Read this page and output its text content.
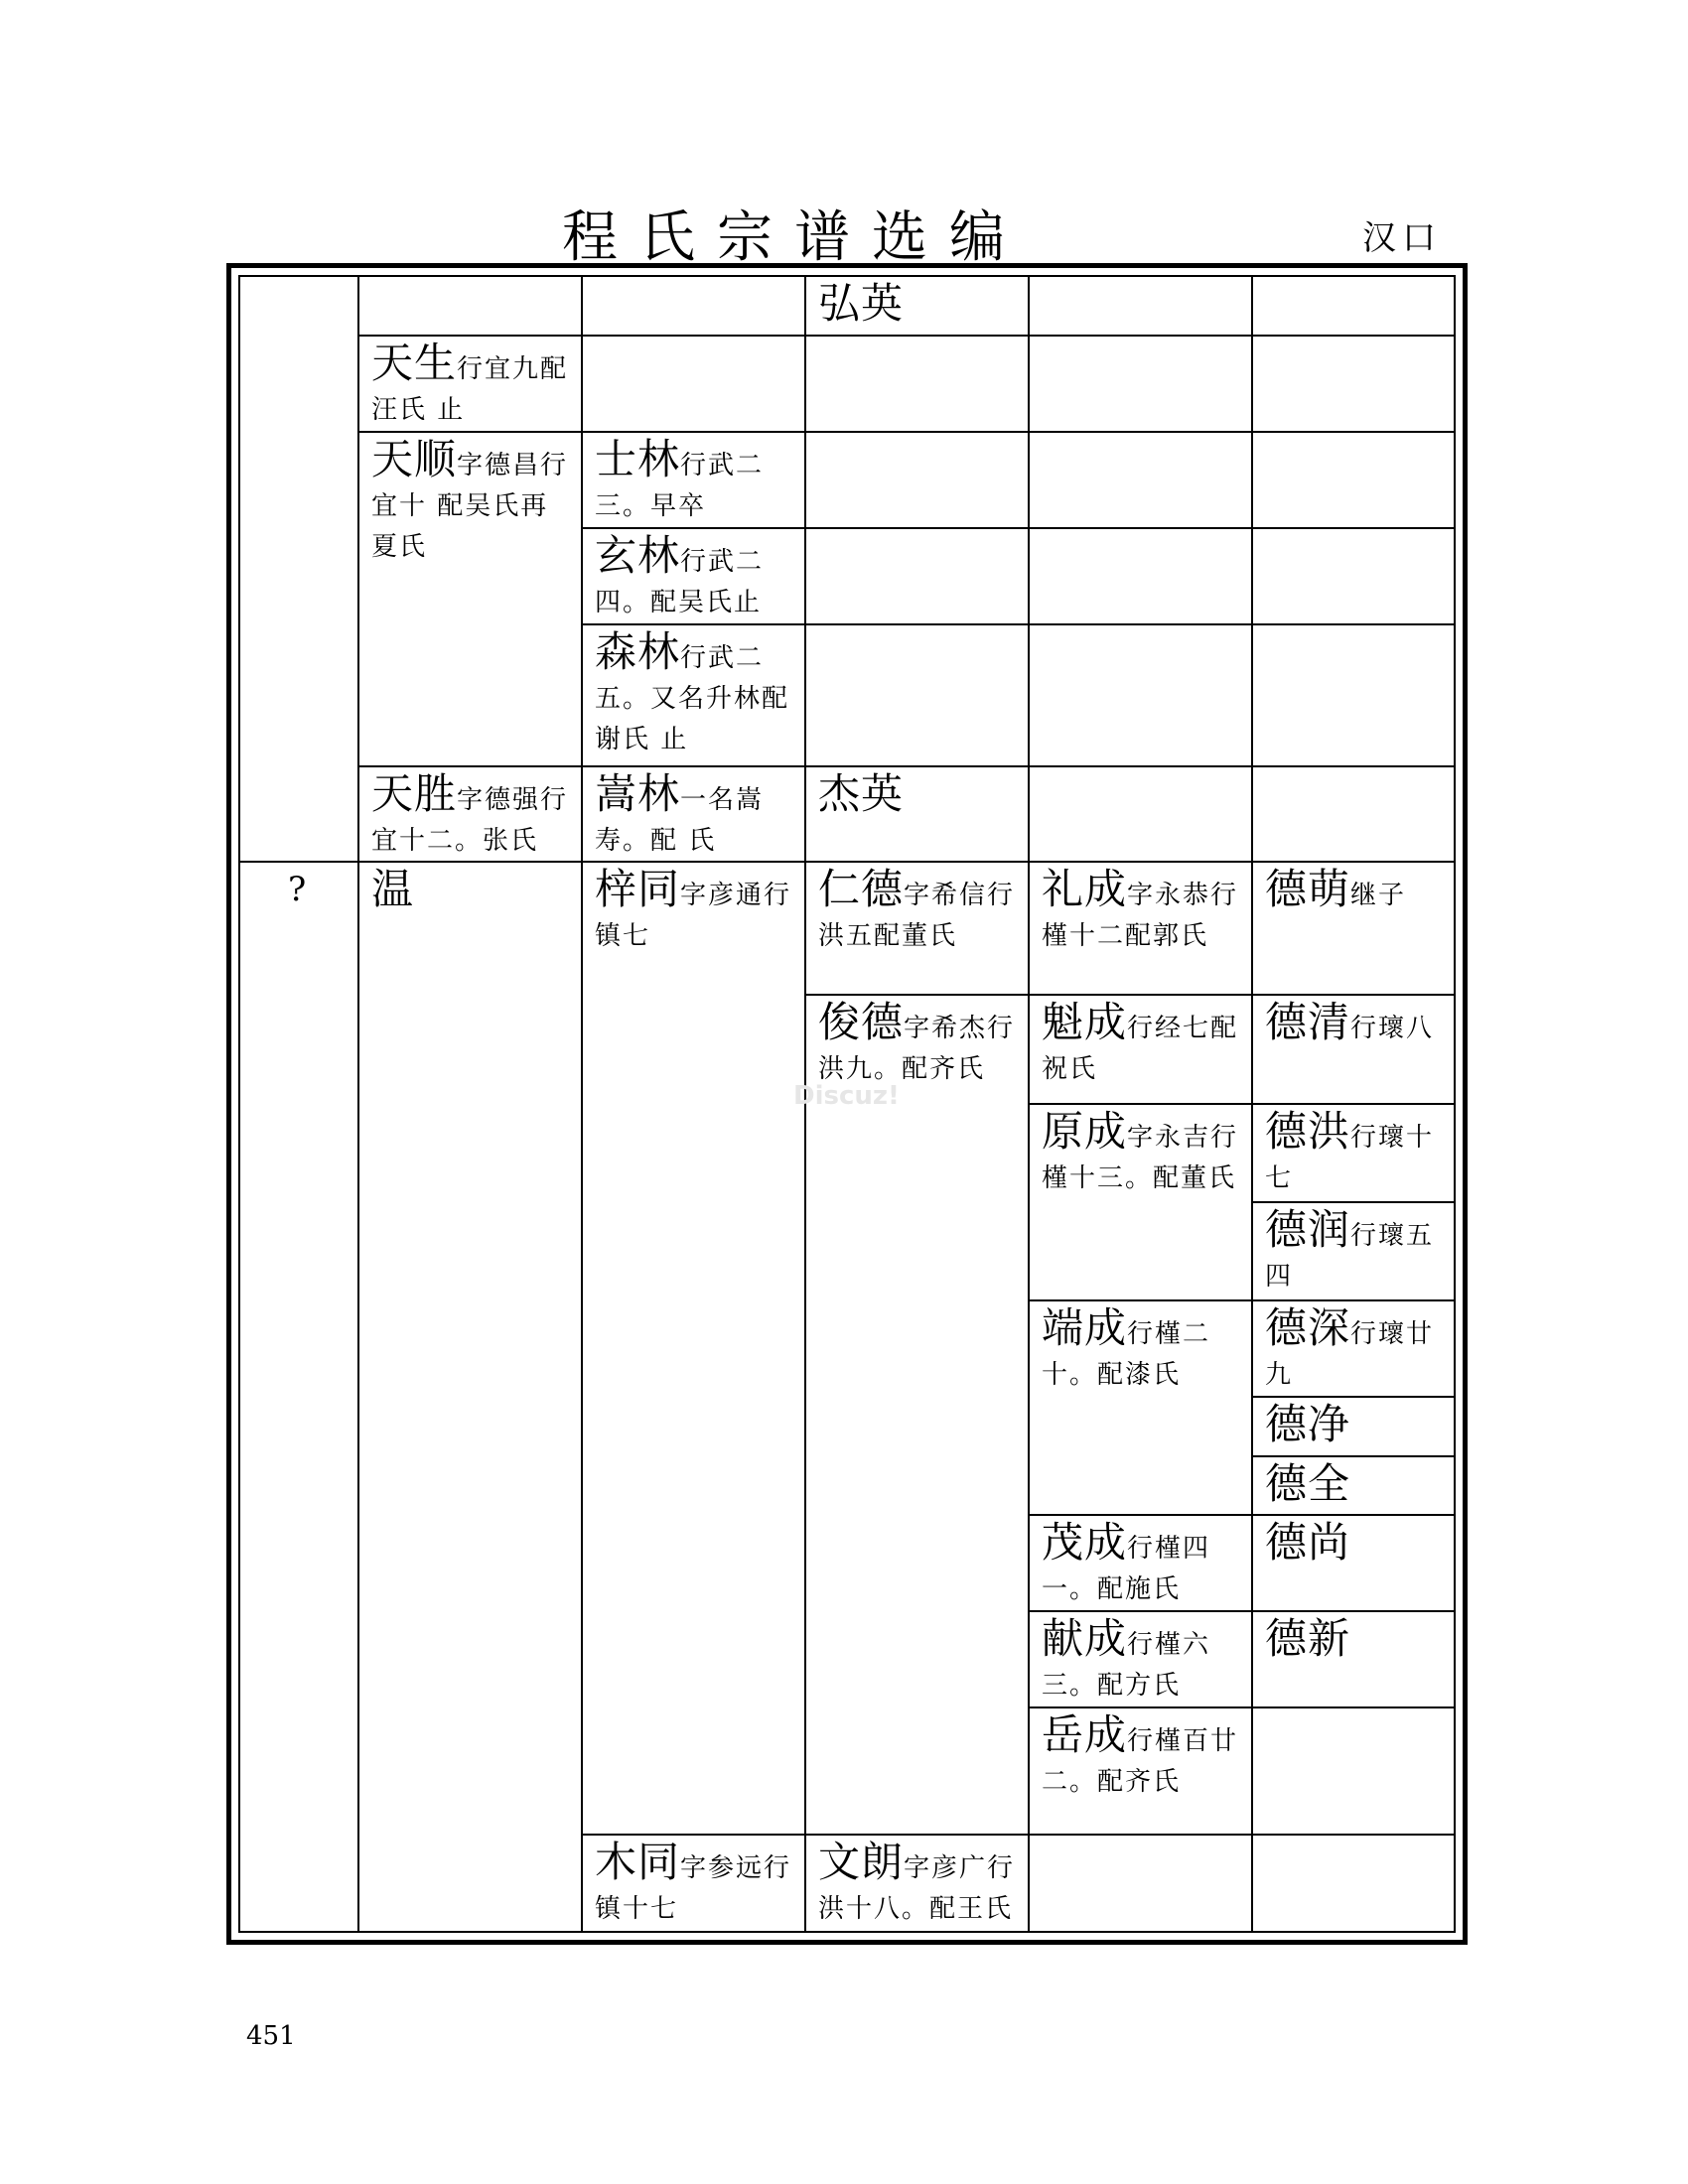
程氏宗谱选编	汉口
?
天生行宜九配汪氏 止
天顺字德昌行宜十 配吴氏再夏氏
天胜字德强行宜十二。张氏
温
士林行武二三。早卒
玄林行武二四。配吴氏止
森林行武二五。又名升林配谢氏 止
嵩林一名嵩寿。配 氏
梓同字彦通行镇七
木同字参远行镇十七
弘英
杰英
仁德字希信行洪五配董氏
俊德字希杰行洪九。配齐氏
文朗字彦广行洪十八。配王氏
礼成字永恭行槿十二配郭氏
魁成行经七配祝氏
原成字永吉行槿十三。配董氏
端成行槿二十。配漆氏
茂成行槿四一。配施氏
献成行槿六三。配方氏
岳成行槿百廿二。配齐氏
德萌继子
德清行瓌八
德洪行瓌十七
德润行瓌五四
德深行瓌廿九
德净
德全
德尚
德新
Discuz!
451
